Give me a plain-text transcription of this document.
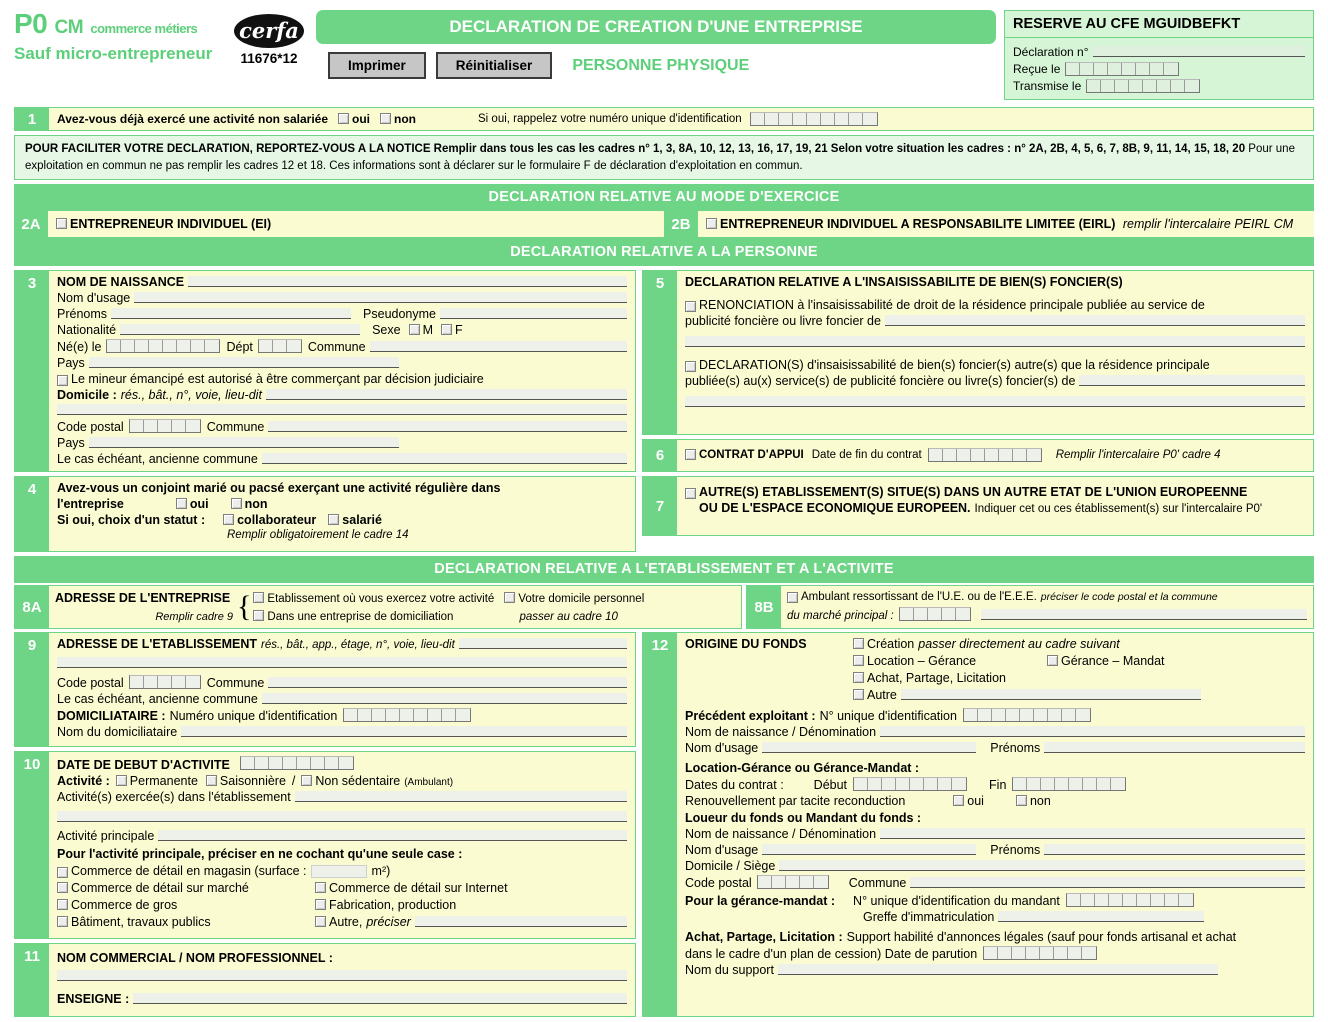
P0 CM commerce métiers
Sauf micro-entrepreneur
cerfa
11676*12
DECLARATION DE CREATION D'UNE ENTREPRISE
Imprimer	Réinitialiser	PERSONNE PHYSIQUE
RESERVE AU CFE MGUIDBEFKT
Déclaration n°
Reçue le
Transmise le
1	Avez-vous déjà exercé une activité non salariée	oui	non	Si oui, rappelez votre numéro unique d'identification
POUR FACILITER VOTRE DECLARATION, REPORTEZ-VOUS A LA NOTICE Remplir dans tous les cas les cadres n° 1, 3, 8A, 10, 12, 13, 16, 17, 19, 21 Selon votre situation les cadres : n° 2A, 2B, 4, 5, 6, 7, 8B, 9, 11, 14, 15, 18, 20 Pour une exploitation en commun ne pas remplir les cadres 12 et 18. Ces informations sont à déclarer sur le formulaire F de déclaration d'exploitation en commun.
DECLARATION RELATIVE AU MODE D'EXERCICE
2A	ENTREPRENEUR INDIVIDUEL (EI)	2B	ENTREPRENEUR INDIVIDUEL A RESPONSABILITE LIMITEE (EIRL) remplir l'intercalaire PEIRL CM
DECLARATION RELATIVE A LA PERSONNE
3	NOM DE NAISSANCE
Nom d'usage
Prénoms	Pseudonyme
Nationalité	Sexe	M	F
Né(e) le	Dépt	Commune
Pays
Le mineur émancipé est autorisé à être commerçant par décision judiciaire
Domicile : rés., bât., n°, voie, lieu-dit
Code postal	Commune
Pays
Le cas échéant, ancienne commune
4	Avez-vous un conjoint marié ou pacsé exerçant une activité régulière dans
l'entreprise	oui	non
Si oui, choix d'un statut :	collaborateur	salarié
Remplir obligatoirement le cadre 14
5	DECLARATION RELATIVE A L'INSAISISSABILITE DE BIEN(S) FONCIER(S)
RENONCIATION à l'insaisissabilité de droit de la résidence principale publiée au service de
publicité foncière ou livre foncier de
DECLARATION(S) d'insaisissabilité de bien(s) foncier(s) autre(s) que la résidence principale
publiée(s) au(x) service(s) de publicité foncière ou livre(s) foncier(s) de
6	CONTRAT D'APPUI Date de fin du contrat	Remplir l'intercalaire P0' cadre 4
7
AUTRE(S) ETABLISSEMENT(S) SITUE(S) DANS UN AUTRE ETAT DE L'UNION EUROPEENNE
OU DE L'ESPACE ECONOMIQUE EUROPEEN. Indiquer cet ou ces établissement(s) sur l'intercalaire P0'
DECLARATION RELATIVE A L'ETABLISSEMENT ET A L'ACTIVITE
8A
ADRESSE DE L'ENTREPRISE
Remplir cadre 9 {	Etablissement où vous exercez votre activité	Votre domicile personnel
Dans une entreprise de domiciliation	passer au cadre 10
8B
Ambulant ressortissant de l'U.E. ou de l'E.E.E. préciser le code postal et la commune
du marché principal :
9	ADRESSE DE L'ETABLISSEMENT rés., bât., app., étage, n°, voie, lieu-dit
Code postal	Commune
Le cas échéant, ancienne commune
DOMICILIATAIRE : Numéro unique d'identification
Nom du domiciliataire
10	DATE DE DEBUT D'ACTIVITE
Activité :	Permanente	Saisonnière /	Non sédentaire (Ambulant)
Activité(s) exercée(s) dans l'établissement
Activité principale
Pour l'activité principale, préciser en ne cochant qu'une seule case :
Commerce de détail en magasin (surface :	m²)
Commerce de détail sur marché	Commerce de détail sur Internet
Commerce de gros	Fabrication, production
Bâtiment, travaux publics	Autre, préciser
11	NOM COMMERCIAL / NOM PROFESSIONNEL :
ENSEIGNE :
12	ORIGINE DU FONDS	Création passer directement au cadre suivant
Location – Gérance	Gérance – Mandat
Achat, Partage, Licitation
Autre
Précédent exploitant : N° unique d'identification
Nom de naissance / Dénomination
Nom d'usage	Prénoms
Location-Gérance ou Gérance-Mandat :
Dates du contrat : Début	Fin
Renouvellement par tacite reconduction	oui	non
Loueur du fonds ou Mandant du fonds :
Nom de naissance / Dénomination
Nom d'usage	Prénoms
Domicile / Siège
Code postal	Commune
Pour la gérance-mandat : N° unique d'identification du mandant
Greffe d'immatriculation
Achat, Partage, Licitation : Support habilité d'annonces légales (sauf pour fonds artisanal et achat
dans le cadre d'un plan de cession) Date de parution
Nom du support
